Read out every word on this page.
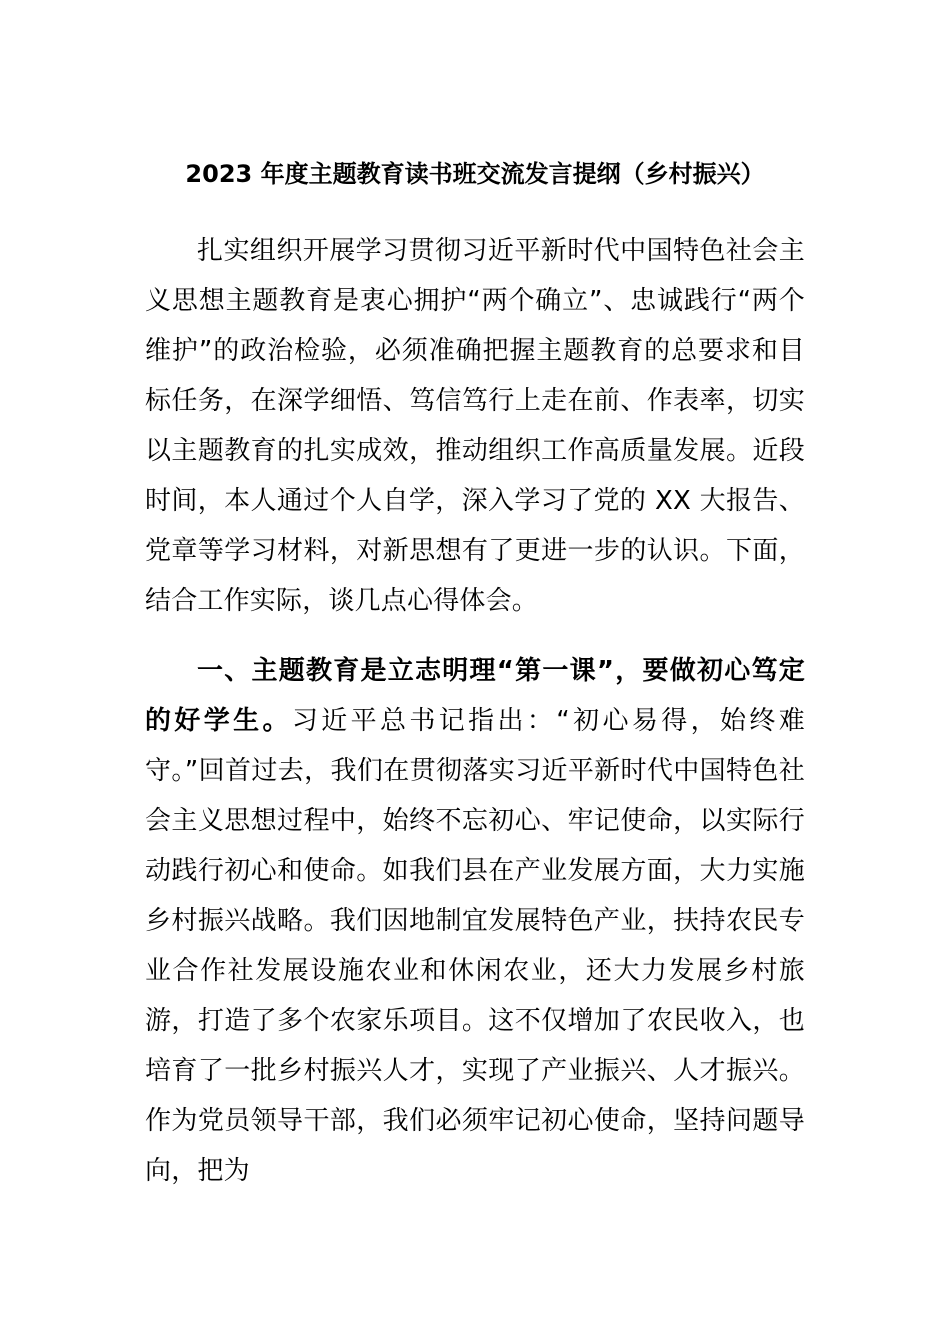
2023 年度主题教育读书班交流发言提纲（乡村振兴）

扎实组织开展学习贯彻习近平新时代中国特色社会主义思想主题教育是衷心拥护“两个确立”、忠诚践行“两个维护”的政治检验，必须准确把握主题教育的总要求和目标任务，在深学细悟、笃信笃行上走在前、作表率，切实以主题教育的扎实成效，推动组织工作高质量发展。近段时间，本人通过个人自学，深入学习了党的 XX 大报告、党章等学习材料，对新思想有了更进一步的认识。下面，结合工作实际，谈几点心得体会。

一、主题教育是立志明理“第一课”，要做初心笃定的好学生。习近平总书记指出：“初心易得，始终难守。”回首过去，我们在贯彻落实习近平新时代中国特色社会主义思想过程中，始终不忘初心、牢记使命，以实际行动践行初心和使命。如我们县在产业发展方面，大力实施乡村振兴战略。我们因地制宜发展特色产业，扶持农民专业合作社发展设施农业和休闲农业，还大力发展乡村旅游，打造了多个农家乐项目。这不仅增加了农民收入，也培育了一批乡村振兴人才，实现了产业振兴、人才振兴。作为党员领导干部，我们必须牢记初心使命，坚持问题导向，把为
